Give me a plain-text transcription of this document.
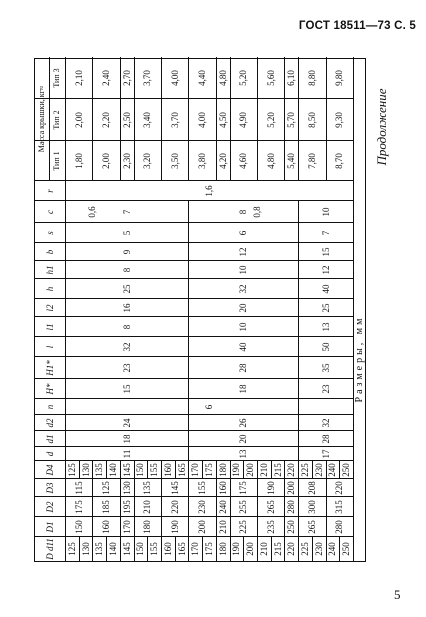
ГОСТ 18511—73 С. 5
Продолжение
5
D d11
D1
D2
D3
D4
d
d1
d2
n
H*
H1*
l
l1
l2
h
h1
b
s
c
r
Масса крышки, кг≈
Тип 1
Тип 2
Тип 3
Размеры, мм
125
125
130
130
135
135
140
140
145
145
150
150
155
155
160
160
165
165
170
170
175
175
180
180
190
190
200
200
210
210
215
215
220
220
225
225
230
230
240
240
250
250
150
175
115
1,80
2,00
2,10
160
185
125
2,00
2,20
2,40
170
195
130
2,30
2,50
2,70
180
210
135
3,20
3,40
3,70
190
220
145
3,50
3,70
4,00
200
230
155
3,80
4,00
4,40
210
240
160
4,20
4,50
4,80
225
255
175
4,60
4,90
5,20
235
265
190
4,80
5,20
5,60
250
280
200
5,40
5,70
6,10
265
300
208
7,80
8,50
8,80
280
315
220
8,70
9,30
9,80
11
18
24
15
23
32
8
16
25
8
9
5
7
13
20
26
18
28
40
10
20
32
10
12
6
8
17
28
32
23
35
50
13
25
40
12
15
7
10
6
1,6
0,6	0,8
